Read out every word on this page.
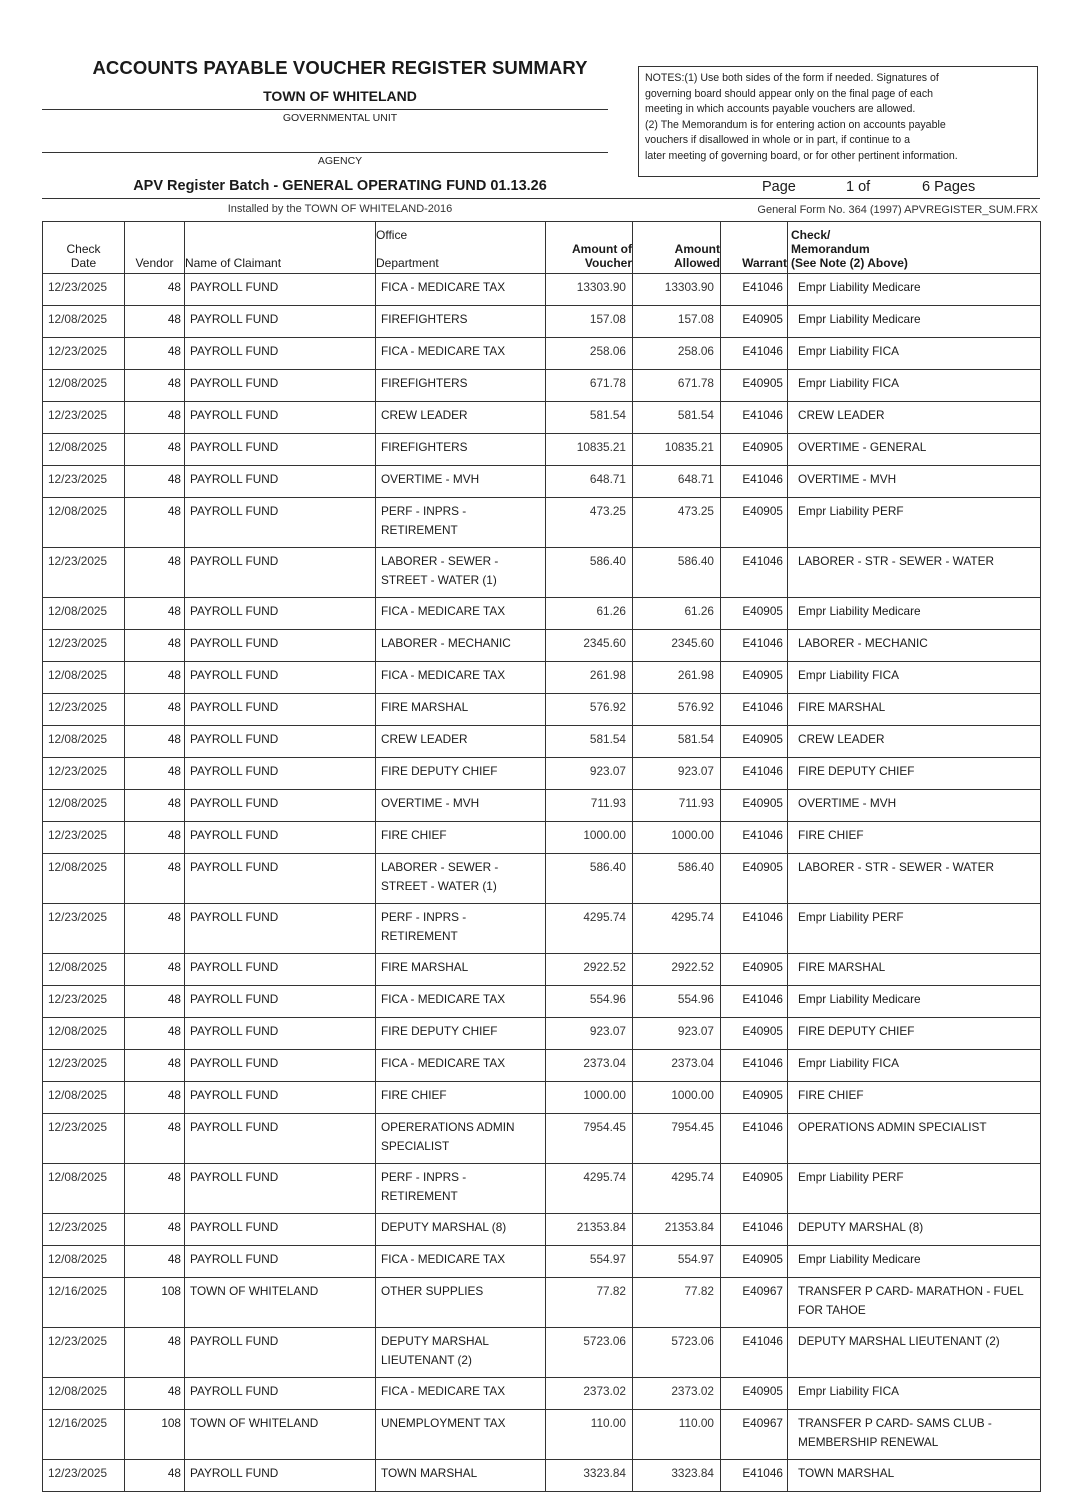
ACCOUNTS PAYABLE VOUCHER REGISTER SUMMARY
TOWN OF WHITELAND
GOVERNMENTAL UNIT
AGENCY
APV Register Batch - GENERAL OPERATING FUND 01.13.26
Installed by the TOWN OF WHITELAND-2016
NOTES:(1) Use both sides of the form if needed. Signatures of
governing board should appear only on the final page of each
meeting in which accounts payable vouchers are allowed.
(2) The Memorandum is for entering action on accounts payable
vouchers if disallowed in whole or in part, if continue to a
later meeting of governing board, or for other pertinent information.
Page	1 of	6 Pages
General Form No. 364 (1997) APVREGISTER_SUM.FRX
Check
Date	Vendor	Name of Claimant	Office

Department	Amount of
Voucher	Amount
Allowed	Warrant	Check/
Memorandum
(See Note (2) Above)

12/23/2025	48	PAYROLL FUND	FICA - MEDICARE TAX	13303.90	13303.90	E41046	Empr Liability Medicare

12/08/2025	48	PAYROLL FUND	FIREFIGHTERS	157.08	157.08	E40905	Empr Liability Medicare

12/23/2025	48	PAYROLL FUND	FICA - MEDICARE TAX	258.06	258.06	E41046	Empr Liability FICA

12/08/2025	48	PAYROLL FUND	FIREFIGHTERS	671.78	671.78	E40905	Empr Liability FICA

12/23/2025	48	PAYROLL FUND	CREW LEADER	581.54	581.54	E41046	CREW LEADER

12/08/2025	48	PAYROLL FUND	FIREFIGHTERS	10835.21	10835.21	E40905	OVERTIME - GENERAL

12/23/2025	48	PAYROLL FUND	OVERTIME - MVH	648.71	648.71	E41046	OVERTIME - MVH

12/08/2025	48	PAYROLL FUND	PERF - INPRS -
RETIREMENT	473.25	473.25	E40905	Empr Liability PERF

12/23/2025	48	PAYROLL FUND	LABORER - SEWER -
STREET - WATER (1)	586.40	586.40	E41046	LABORER - STR - SEWER - WATER

12/08/2025	48	PAYROLL FUND	FICA - MEDICARE TAX	61.26	61.26	E40905	Empr Liability Medicare

12/23/2025	48	PAYROLL FUND	LABORER - MECHANIC	2345.60	2345.60	E41046	LABORER - MECHANIC

12/08/2025	48	PAYROLL FUND	FICA - MEDICARE TAX	261.98	261.98	E40905	Empr Liability FICA

12/23/2025	48	PAYROLL FUND	FIRE MARSHAL	576.92	576.92	E41046	FIRE MARSHAL

12/08/2025	48	PAYROLL FUND	CREW LEADER	581.54	581.54	E40905	CREW LEADER

12/23/2025	48	PAYROLL FUND	FIRE DEPUTY CHIEF	923.07	923.07	E41046	FIRE DEPUTY CHIEF

12/08/2025	48	PAYROLL FUND	OVERTIME - MVH	711.93	711.93	E40905	OVERTIME - MVH

12/23/2025	48	PAYROLL FUND	FIRE CHIEF	1000.00	1000.00	E41046	FIRE CHIEF

12/08/2025	48	PAYROLL FUND	LABORER - SEWER -
STREET - WATER (1)	586.40	586.40	E40905	LABORER - STR - SEWER - WATER

12/23/2025	48	PAYROLL FUND	PERF - INPRS -
RETIREMENT	4295.74	4295.74	E41046	Empr Liability PERF

12/08/2025	48	PAYROLL FUND	FIRE MARSHAL	2922.52	2922.52	E40905	FIRE MARSHAL

12/23/2025	48	PAYROLL FUND	FICA - MEDICARE TAX	554.96	554.96	E41046	Empr Liability Medicare

12/08/2025	48	PAYROLL FUND	FIRE DEPUTY CHIEF	923.07	923.07	E40905	FIRE DEPUTY CHIEF

12/23/2025	48	PAYROLL FUND	FICA - MEDICARE TAX	2373.04	2373.04	E41046	Empr Liability FICA

12/08/2025	48	PAYROLL FUND	FIRE CHIEF	1000.00	1000.00	E40905	FIRE CHIEF

12/23/2025	48	PAYROLL FUND	OPERERATIONS ADMIN
SPECIALIST	7954.45	7954.45	E41046	OPERATIONS ADMIN SPECIALIST

12/08/2025	48	PAYROLL FUND	PERF - INPRS -
RETIREMENT	4295.74	4295.74	E40905	Empr Liability PERF

12/23/2025	48	PAYROLL FUND	DEPUTY MARSHAL (8)	21353.84	21353.84	E41046	DEPUTY MARSHAL (8)

12/08/2025	48	PAYROLL FUND	FICA - MEDICARE TAX	554.97	554.97	E40905	Empr Liability Medicare

12/16/2025	108	TOWN OF WHITELAND	OTHER SUPPLIES	77.82	77.82	E40967	TRANSFER P CARD- MARATHON - FUEL
FOR TAHOE

12/23/2025	48	PAYROLL FUND	DEPUTY MARSHAL
LIEUTENANT (2)	5723.06	5723.06	E41046	DEPUTY MARSHAL LIEUTENANT (2)

12/08/2025	48	PAYROLL FUND	FICA - MEDICARE TAX	2373.02	2373.02	E40905	Empr Liability FICA

12/16/2025	108	TOWN OF WHITELAND	UNEMPLOYMENT TAX	110.00	110.00	E40967	TRANSFER P CARD- SAMS CLUB -
MEMBERSHIP RENEWAL

12/23/2025	48	PAYROLL FUND	TOWN MARSHAL	3323.84	3323.84	E41046	TOWN MARSHAL
